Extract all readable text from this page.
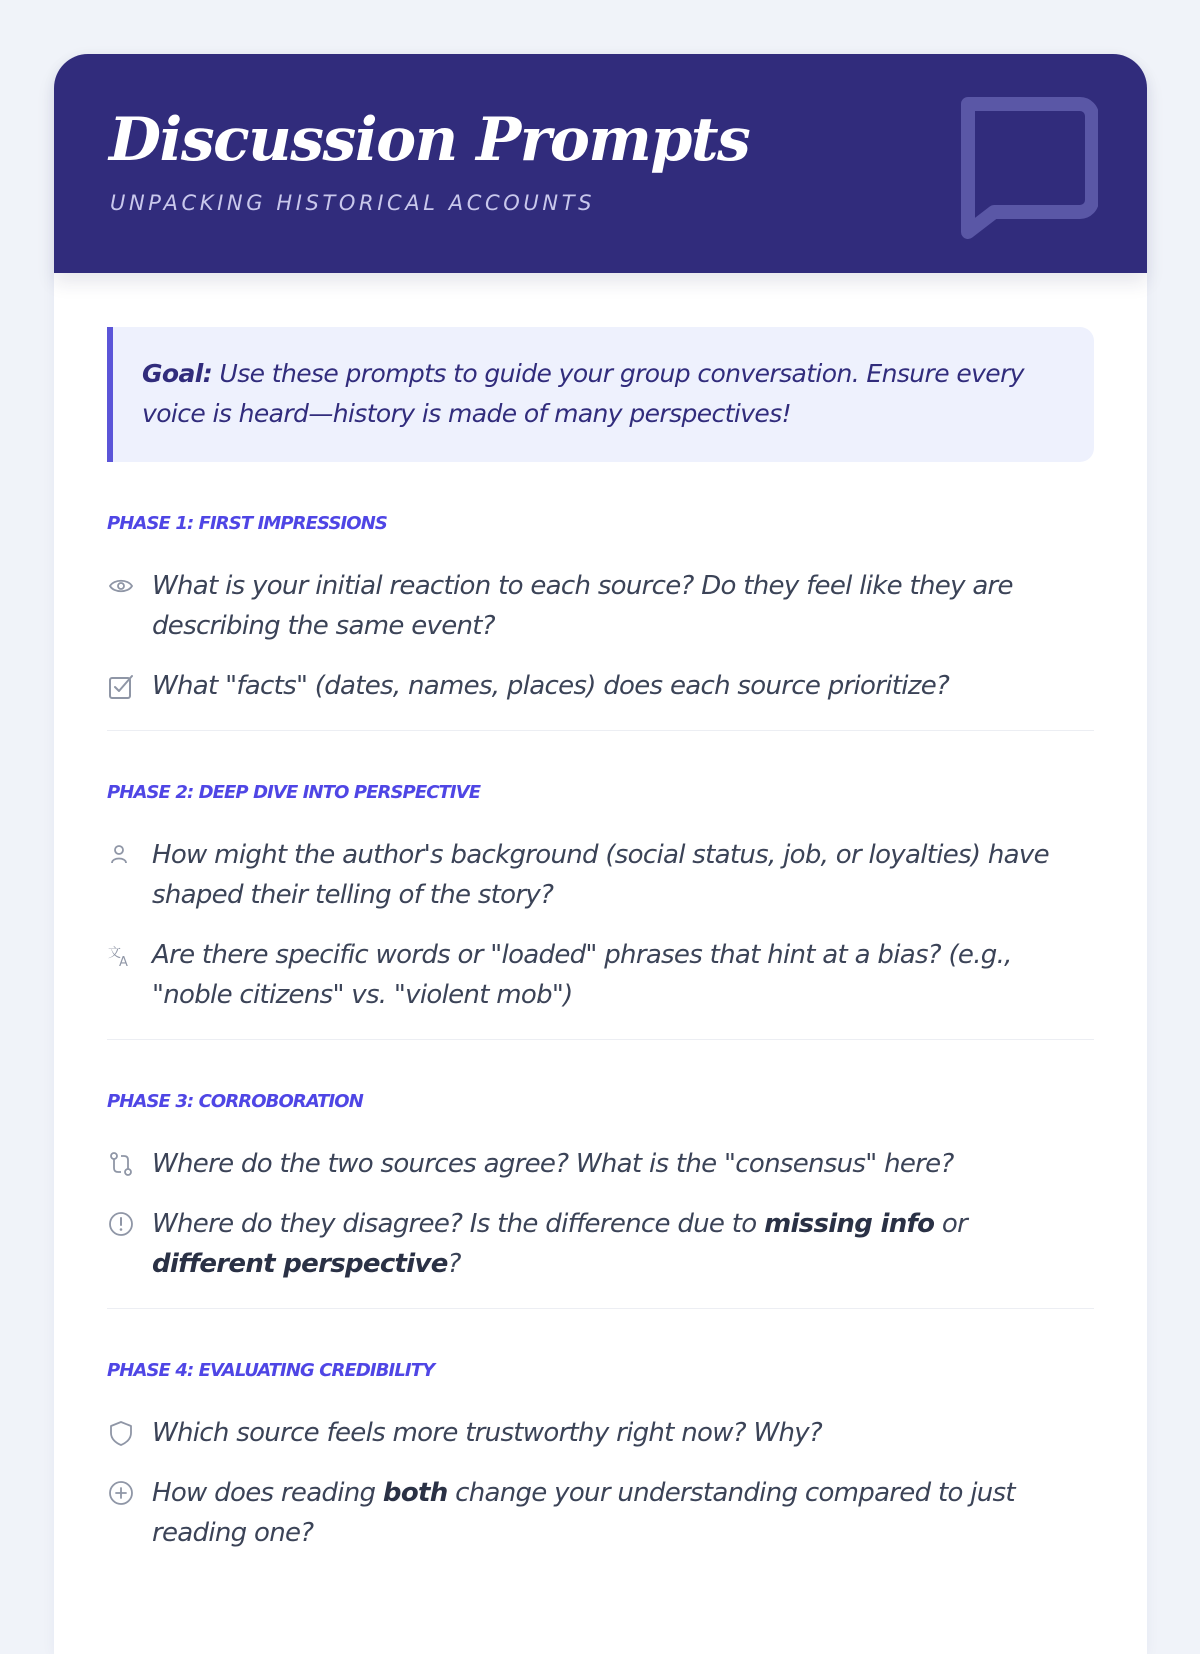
Discussion Prompts
UNPACKING HISTORICAL ACCOUNTS
Goal: Use these prompts to guide your group conversation. Ensure every voice is heard—history is made of many perspectives!
PHASE 1: FIRST IMPRESSIONS
What is your initial reaction to each source? Do they feel like they are describing the same event?
What "facts" (dates, names, places) does each source prioritize?
PHASE 2: DEEP DIVE INTO PERSPECTIVE
How might the author's background (social status, job, or loyalties) have shaped their telling of the story?
文
A Are there specific words or "loaded" phrases that hint at a bias? (e.g., "noble citizens" vs. "violent mob")
PHASE 3: CORROBORATION
Where do the two sources agree? What is the "consensus" here?
Where do they disagree? Is the difference due to missing info or different perspective?
PHASE 4: EVALUATING CREDIBILITY
Which source feels more trustworthy right now? Why?
How does reading both change your understanding compared to just reading one?
